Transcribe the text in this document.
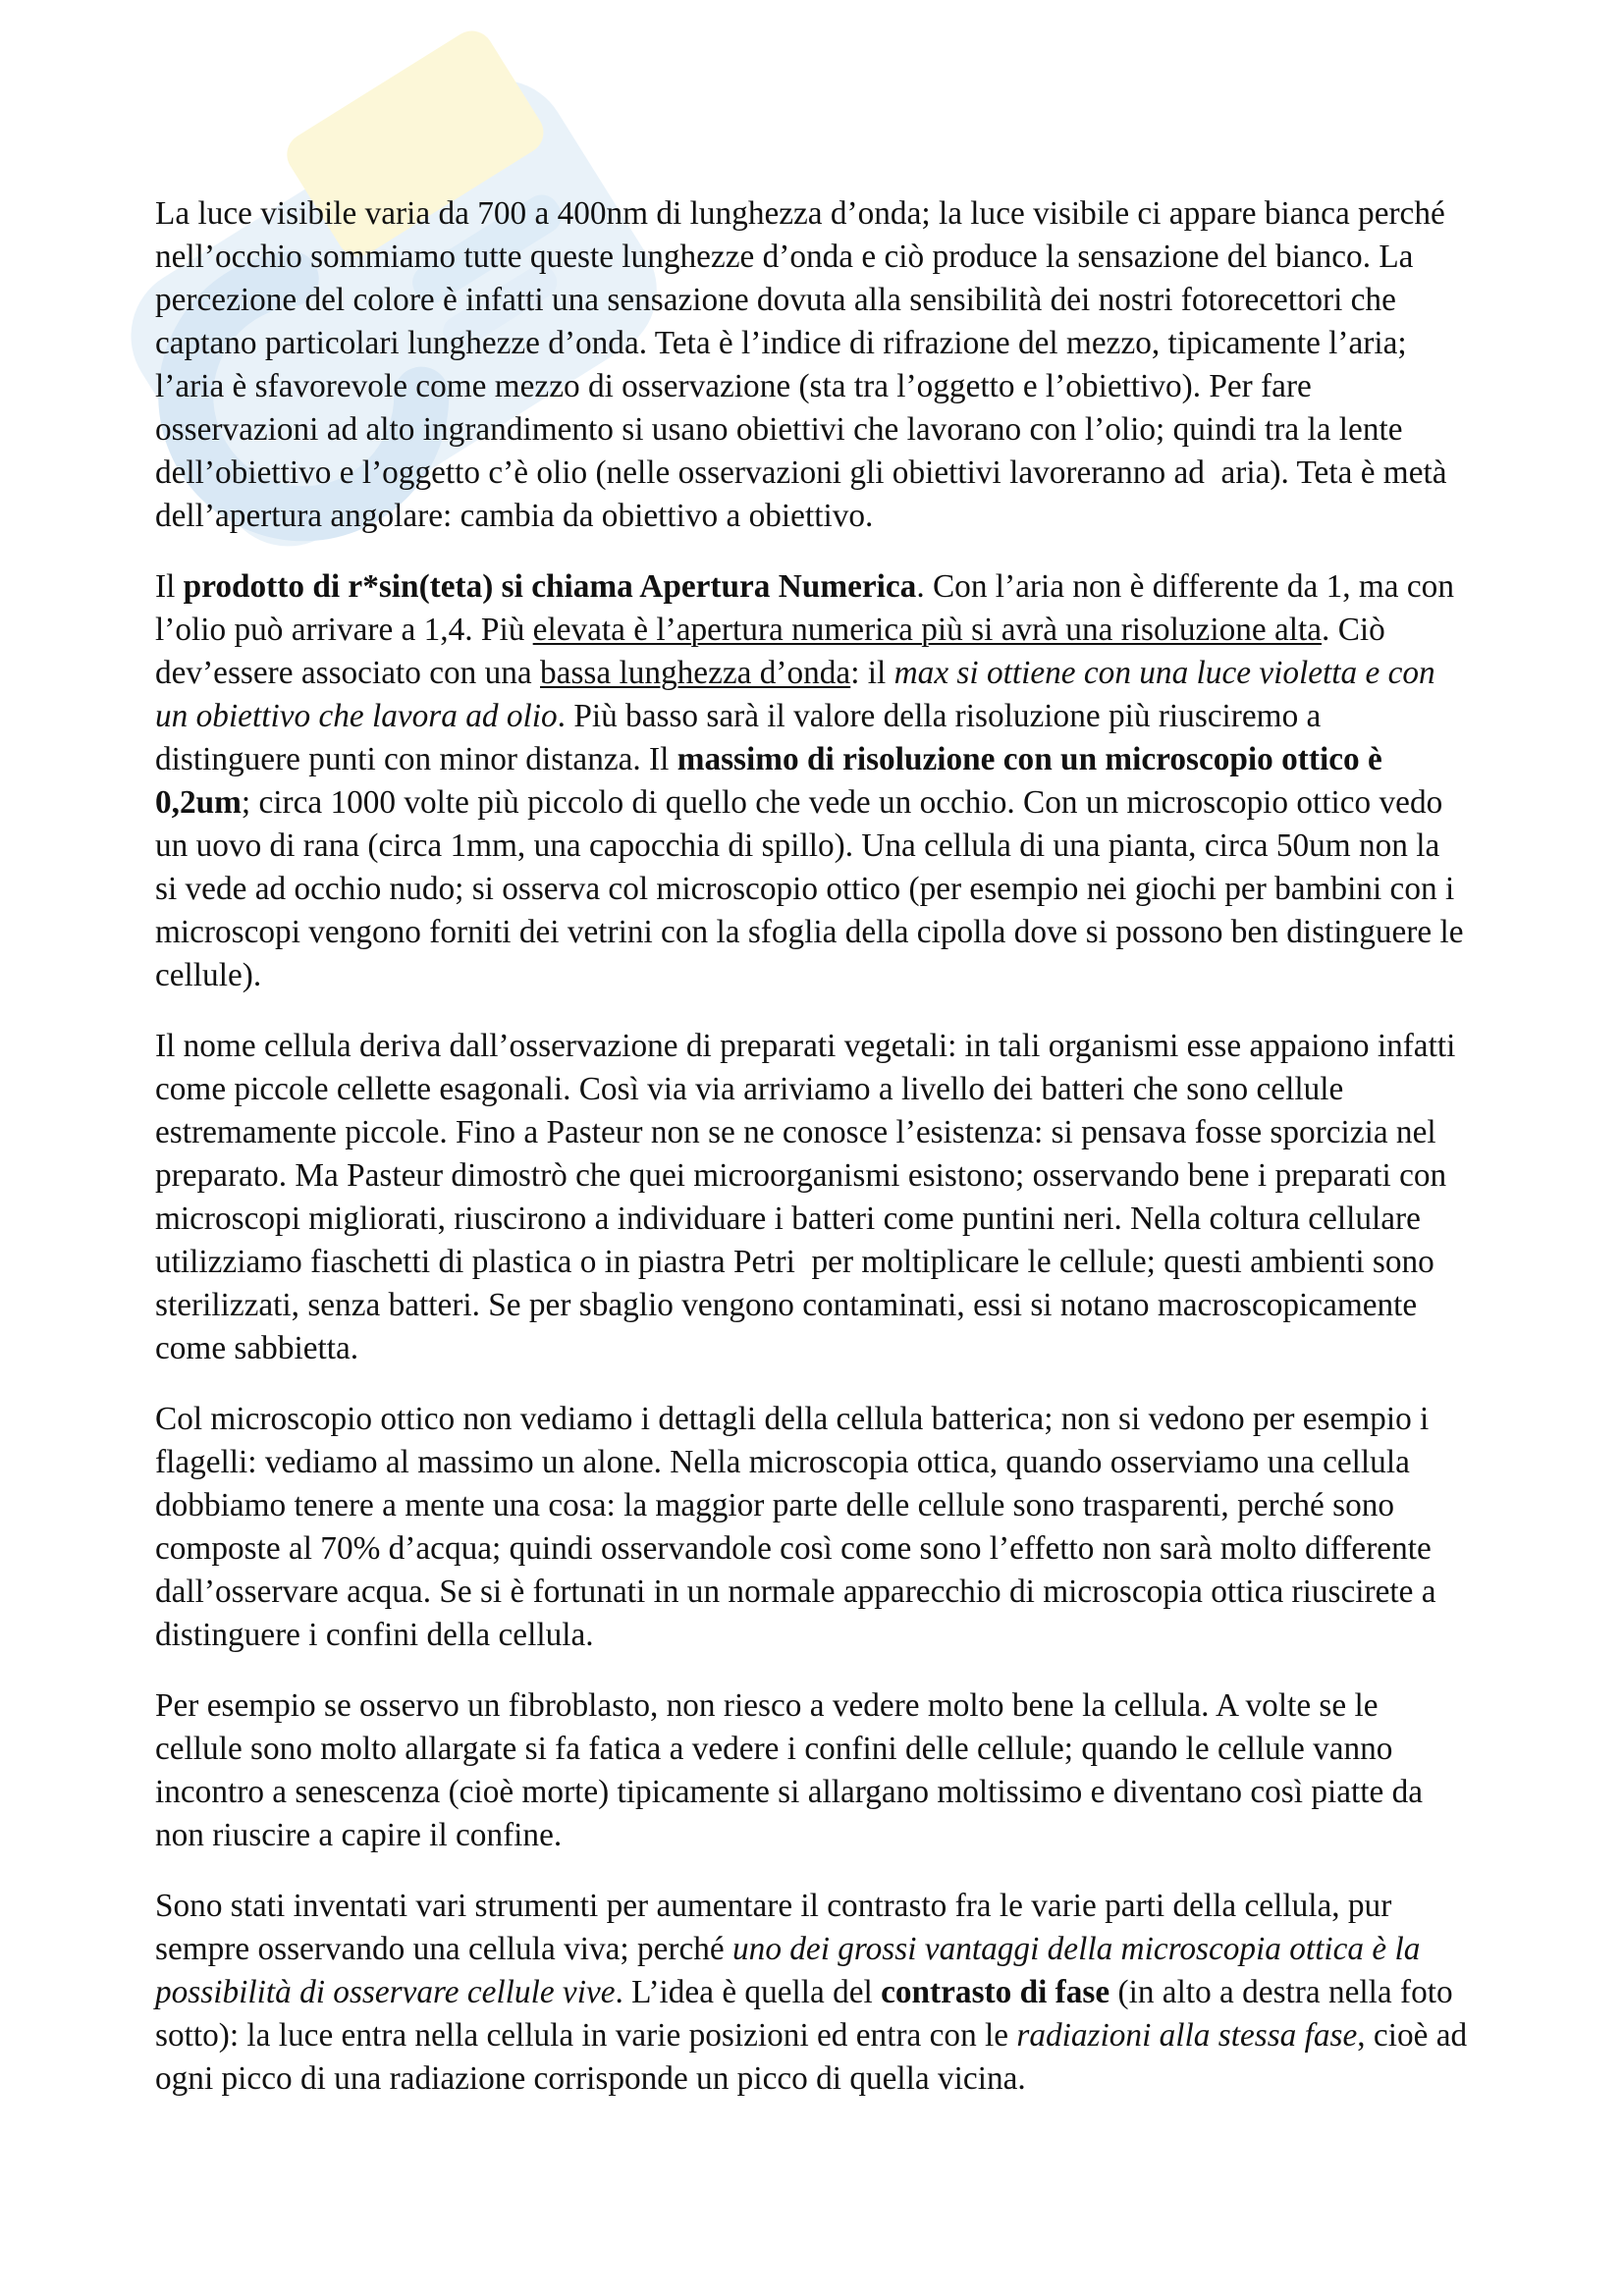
La luce visibile varia da 700 a 400nm di lunghezza d’onda; la luce visibile ci appare bianca perché
nell’occhio sommiamo tutte queste lunghezze d’onda e ciò produce la sensazione del bianco. La
percezione del colore è infatti una sensazione dovuta alla sensibilità dei nostri fotorecettori che
captano particolari lunghezze d’onda. Teta è l’indice di rifrazione del mezzo, tipicamente l’aria;
l’aria è sfavorevole come mezzo di osservazione (sta tra l’oggetto e l’obiettivo). Per fare
osservazioni ad alto ingrandimento si usano obiettivi che lavorano con l’olio; quindi tra la lente
dell’obiettivo e l’oggetto c’è olio (nelle osservazioni gli obiettivi lavoreranno ad  aria). Teta è metà
dell’apertura angolare: cambia da obiettivo a obiettivo.
Il prodotto di r*sin(teta) si chiama Apertura Numerica. Con l’aria non è differente da 1, ma con
l’olio può arrivare a 1,4. Più elevata è l’apertura numerica più si avrà una risoluzione alta. Ciò
dev’essere associato con una bassa lunghezza d’onda: il max si ottiene con una luce violetta e con
un obiettivo che lavora ad olio. Più basso sarà il valore della risoluzione più riusciremo a
distinguere punti con minor distanza. Il massimo di risoluzione con un microscopio ottico è
0,2um; circa 1000 volte più piccolo di quello che vede un occhio. Con un microscopio ottico vedo
un uovo di rana (circa 1mm, una capocchia di spillo). Una cellula di una pianta, circa 50um non la
si vede ad occhio nudo; si osserva col microscopio ottico (per esempio nei giochi per bambini con i
microscopi vengono forniti dei vetrini con la sfoglia della cipolla dove si possono ben distinguere le
cellule).
Il nome cellula deriva dall’osservazione di preparati vegetali: in tali organismi esse appaiono infatti
come piccole cellette esagonali. Così via via arriviamo a livello dei batteri che sono cellule
estremamente piccole. Fino a Pasteur non se ne conosce l’esistenza: si pensava fosse sporcizia nel
preparato. Ma Pasteur dimostrò che quei microorganismi esistono; osservando bene i preparati con
microscopi migliorati, riuscirono a individuare i batteri come puntini neri. Nella coltura cellulare
utilizziamo fiaschetti di plastica o in piastra Petri  per moltiplicare le cellule; questi ambienti sono
sterilizzati, senza batteri. Se per sbaglio vengono contaminati, essi si notano macroscopicamente
come sabbietta.
Col microscopio ottico non vediamo i dettagli della cellula batterica; non si vedono per esempio i
flagelli: vediamo al massimo un alone. Nella microscopia ottica, quando osserviamo una cellula
dobbiamo tenere a mente una cosa: la maggior parte delle cellule sono trasparenti, perché sono
composte al 70% d’acqua; quindi osservandole così come sono l’effetto non sarà molto differente
dall’osservare acqua. Se si è fortunati in un normale apparecchio di microscopia ottica riuscirete a
distinguere i confini della cellula.
Per esempio se osservo un fibroblasto, non riesco a vedere molto bene la cellula. A volte se le
cellule sono molto allargate si fa fatica a vedere i confini delle cellule; quando le cellule vanno
incontro a senescenza (cioè morte) tipicamente si allargano moltissimo e diventano così piatte da
non riuscire a capire il confine.
Sono stati inventati vari strumenti per aumentare il contrasto fra le varie parti della cellula, pur
sempre osservando una cellula viva; perché uno dei grossi vantaggi della microscopia ottica è la
possibilità di osservare cellule vive. L’idea è quella del contrasto di fase (in alto a destra nella foto
sotto): la luce entra nella cellula in varie posizioni ed entra con le radiazioni alla stessa fase, cioè ad
ogni picco di una radiazione corrisponde un picco di quella vicina.
